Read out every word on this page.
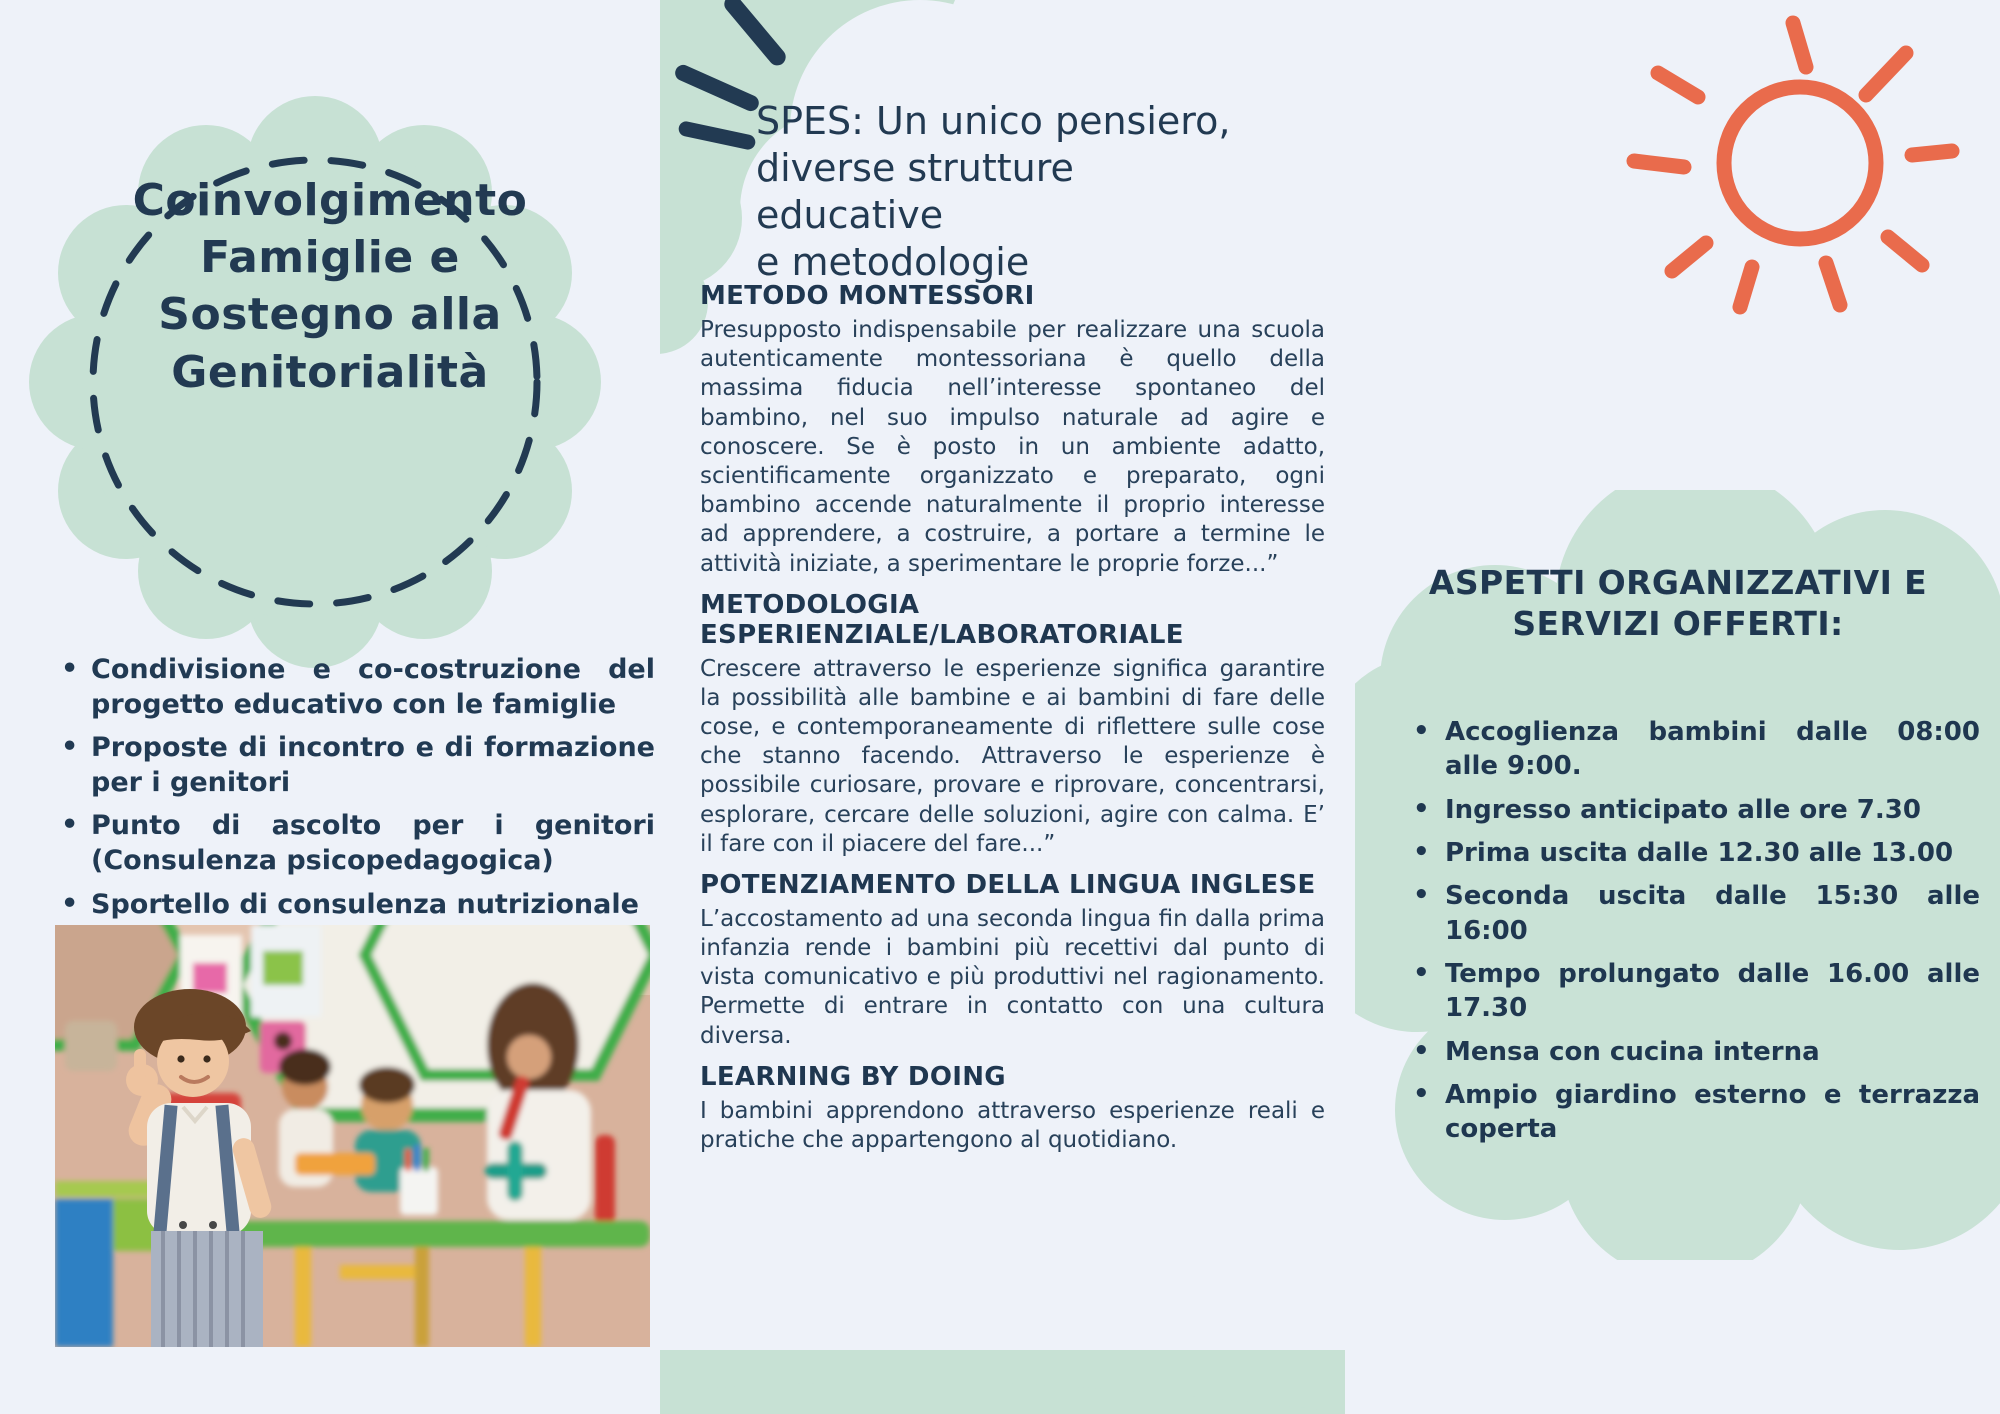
Coinvolgimento
Famiglie e
Sostegno alla
Genitorialità
• Condivisione e co-costruzione del progetto educativo con le famiglie
• Proposte di incontro e di formazione per i genitori
• Punto di ascolto per i genitori (Consulenza psicopedagogica)
• Sportello di consulenza nutrizionale
SPES: Un unico pensiero,
diverse strutture educative
e metodologie
METODO MONTESSORI

Presupposto indispensabile per realizzare una scuola autenticamente montessoriana è quello della massima fiducia nell’interesse spontaneo del bambino, nel suo impulso naturale ad agire e conoscere. Se è posto in un ambiente adatto, scientificamente organizzato e preparato, ogni bambino accende naturalmente il proprio interesse ad apprendere, a costruire, a portare a termine le attività iniziate, a sperimentare le proprie forze...”

METODOLOGIA ESPERIENZIALE/LABORATORIALE

Crescere attraverso le esperienze significa garantire la possibilità alle bambine e ai bambini di fare delle cose, e contemporaneamente di riflettere sulle cose che stanno facendo. Attraverso le esperienze è possibile curiosare, provare e riprovare, concentrarsi, esplorare, cercare delle soluzioni, agire con calma. E’ il fare con il piacere del fare...”

POTENZIAMENTO DELLA LINGUA INGLESE

L’accostamento ad una seconda lingua fin dalla prima infanzia rende i bambini più recettivi dal punto di vista comunicativo e più produttivi nel ragionamento. Permette di entrare in contatto con una cultura diversa.

LEARNING BY DOING

I bambini apprendono attraverso esperienze reali e pratiche che appartengono al quotidiano.

ASPETTI ORGANIZZATIVI E SERVIZI OFFERTI:
• Accoglienza bambini dalle 08:00 alle 9:00.
• Ingresso anticipato alle ore 7.30
• Prima uscita dalle 12.30 alle 13.00
• Seconda uscita dalle 15:30 alle 16:00
• Tempo prolungato dalle 16.00 alle 17.30
• Mensa con cucina interna
• Ampio giardino esterno e terrazza coperta
